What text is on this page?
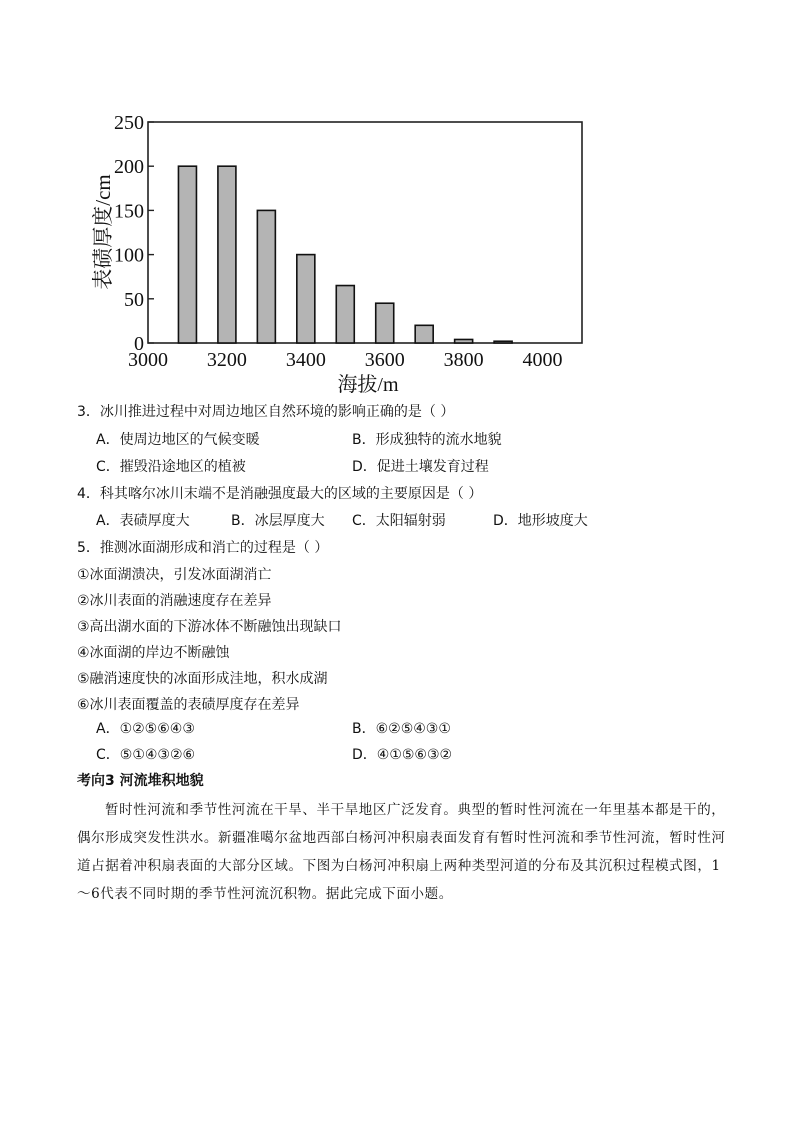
0
50
100
150
200
250
3000 3200 3400 3600 3800 4000
表碛厚度/cm
海拔/m
3．冰川推进过程中对周边地区自然环境的影响正确的是（ ）
A．使周边地区的气候变暖	B．形成独特的流水地貌
C．摧毁沿途地区的植被	D．促进土壤发育过程
4．科其喀尔冰川末端不是消融强度最大的区域的主要原因是（ ）
A．表碛厚度大	B．冰层厚度大 C．太阳辐射弱	D．地形坡度大
5．推测冰面湖形成和消亡的过程是（ ）
①冰面湖溃决，引发冰面湖消亡
②冰川表面的消融速度存在差异
③高出湖水面的下游冰体不断融蚀出现缺口
④冰面湖的岸边不断融蚀
⑤融消速度快的冰面形成洼地，积水成湖
⑥冰川表面覆盖的表碛厚度存在差异
A．①②⑤⑥④③	B．⑥②⑤④③①
C．⑤①④③②⑥	D．④①⑤⑥③②
考向3 河流堆积地貌
暂时性河流和季节性河流在干旱、半干旱地区广泛发育。典型的暂时性河流在一年里基本都是干的，偶尔形成突发性洪水。新疆准噶尔盆地西部白杨河冲积扇表面发育有暂时性河流和季节性河流，暂时性河道占据着冲积扇表面的大部分区域。下图为白杨河冲积扇上两种类型河道的分布及其沉积过程模式图，1～6代表不同时期的季节性河流沉积物。据此完成下面小题。
